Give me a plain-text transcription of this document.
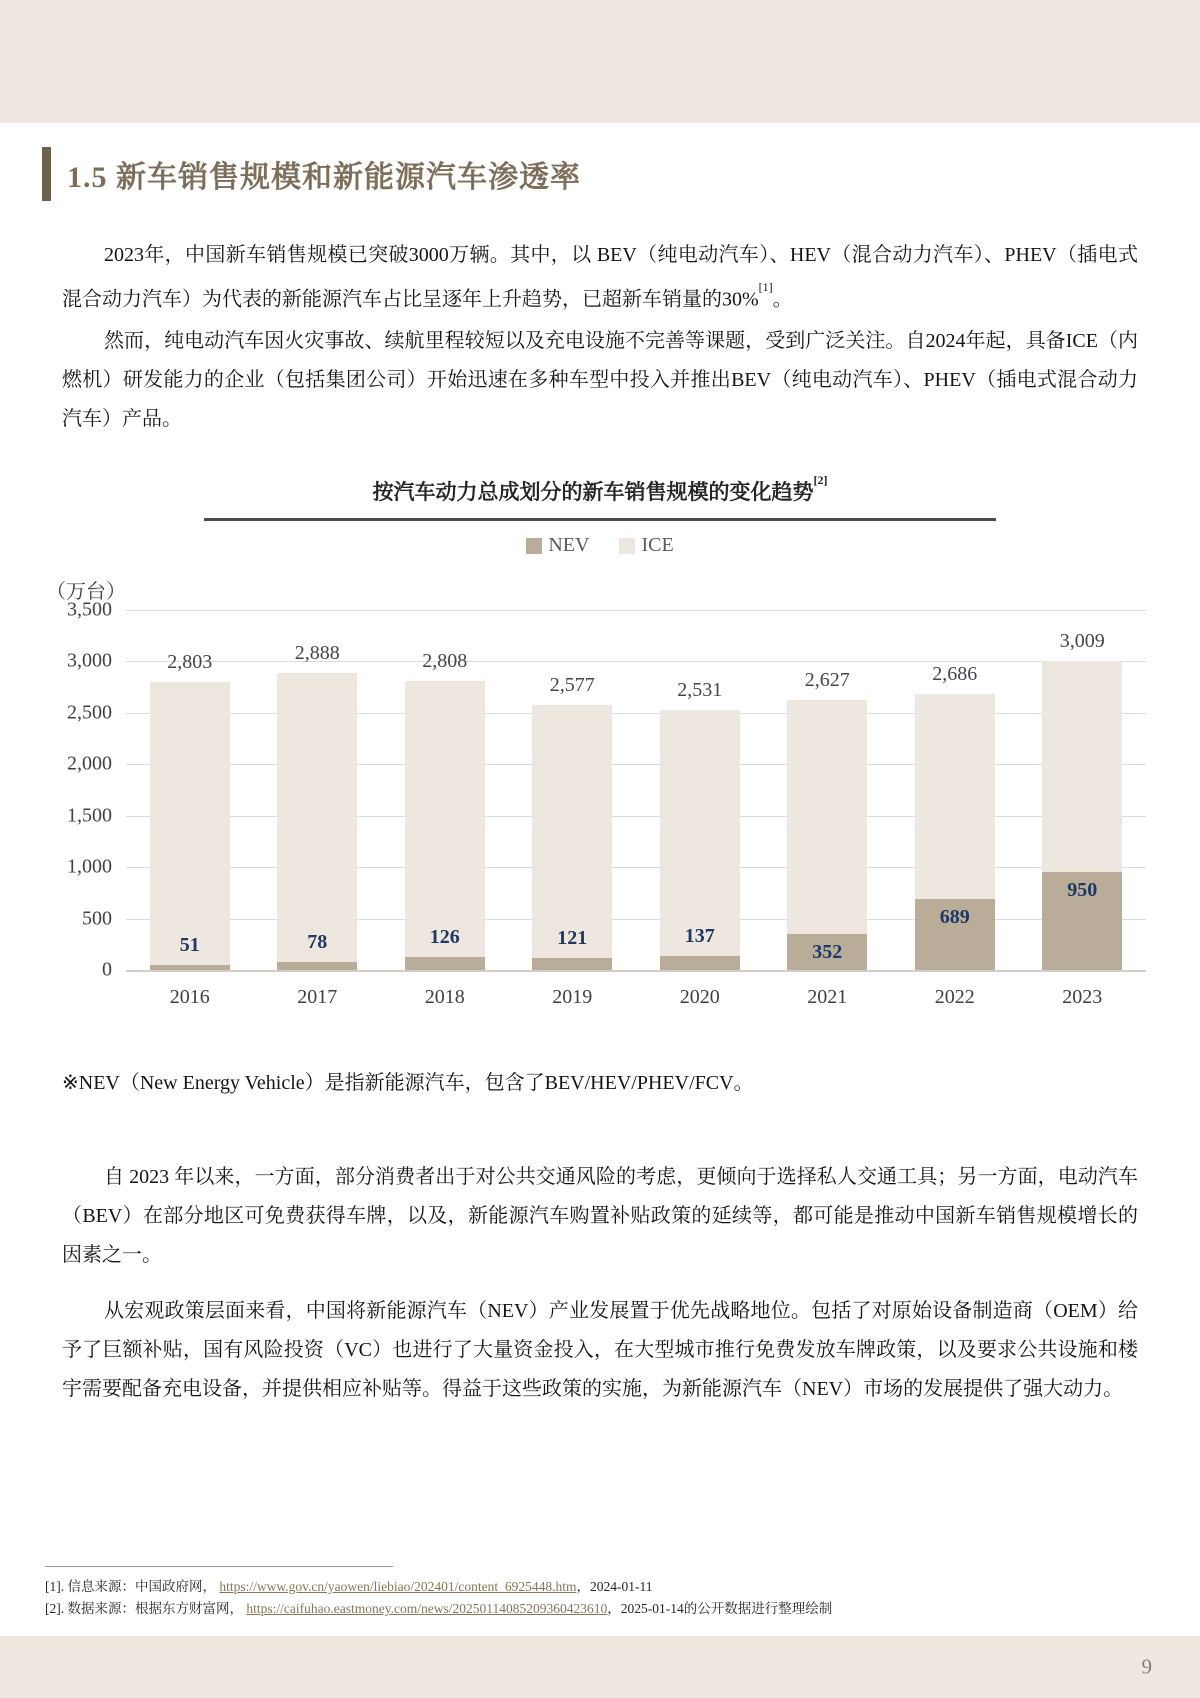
1.5 新车销售规模和新能源汽车渗透率

2023年，中国新车销售规模已突破3000万辆。其中，以 BEV（纯电动汽车）、HEV（混合动力汽车）、PHEV（插电式混合动力汽车）为代表的新能源汽车占比呈逐年上升趋势，已超新车销量的30%[1]。

然而，纯电动汽车因火灾事故、续航里程较短以及充电设施不完善等课题，受到广泛关注。自2024年起，具备ICE（内燃机）研发能力的企业（包括集团公司）开始迅速在多种车型中投入并推出BEV（纯电动汽车）、PHEV（插电式混合动力汽车）产品。

按汽车动力总成划分的新车销售规模的变化趋势[2]
NEV	ICE
（万台）
3,500
3,000
2,500
2,000
1,500
1,000
500
0
2,803
51
2016
2,888
78
2017
2,808
126
2018
2,577
121
2019
2,531
137
2020
2,627
352
2021
2,686
689
2022
3,009
950
2023
※NEV（New Energy Vehicle）是指新能源汽车，包含了BEV/HEV/PHEV/FCV。

自 2023 年以来，一方面，部分消费者出于对公共交通风险的考虑，更倾向于选择私人交通工具；另一方面，电动汽车（BEV）在部分地区可免费获得车牌，以及，新能源汽车购置补贴政策的延续等，都可能是推动中国新车销售规模增长的因素之一。

从宏观政策层面来看，中国将新能源汽车（NEV）产业发展置于优先战略地位。包括了对原始设备制造商（OEM）给予了巨额补贴，国有风险投资（VC）也进行了大量资金投入，在大型城市推行免费发放车牌政策，以及要求公共设施和楼宇需要配备充电设备，并提供相应补贴等。得益于这些政策的实施，为新能源汽车（NEV）市场的发展提供了强大动力。

[1]. 信息来源：中国政府网， https://www.gov.cn/yaowen/liebiao/202401/content_6925448.htm，2024-01-11
[2]. 数据来源：根据东方财富网， https://caifuhao.eastmoney.com/news/20250114085209360423610，2025-01-14的公开数据进行整理绘制
9
